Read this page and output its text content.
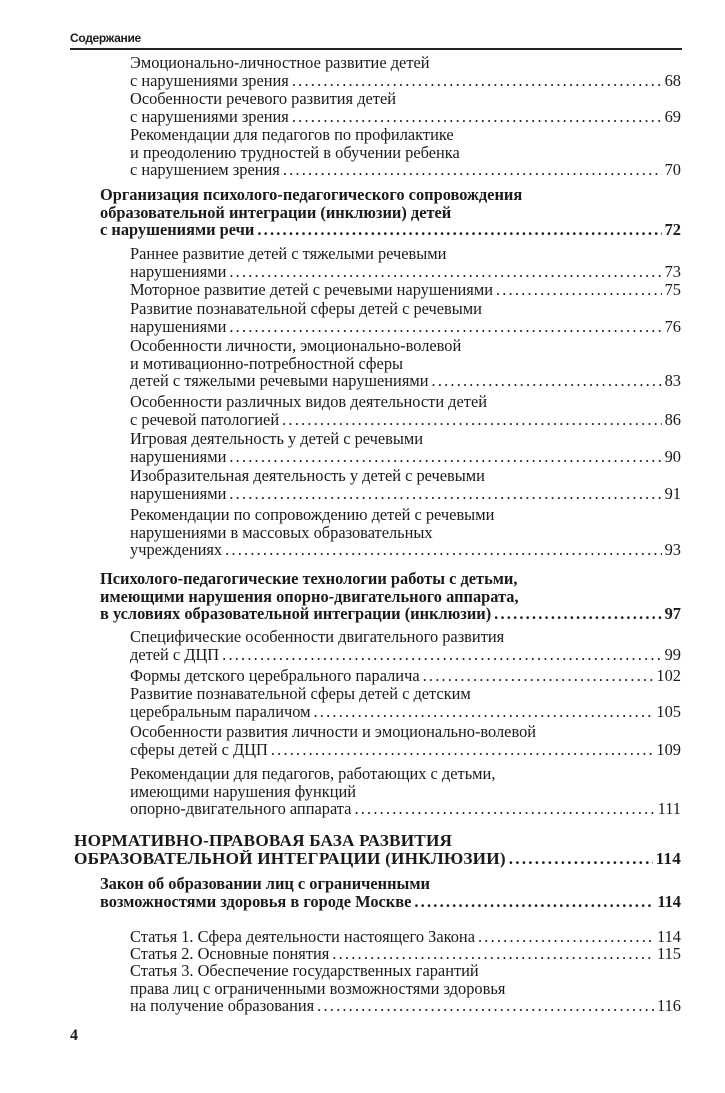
Содержание
Эмоционально-личностное развитие детей
с нарушениями зрения .....	68
Особенности речевого развития детей
с нарушениями зрения .....	69
Рекомендации для педагогов по профилактике
и преодолению трудностей в обучении ребенка
с нарушением зрения .....	70
Организация психолого-педагогического сопровождения
образовательной интеграции (инклюзии) детей
с нарушениями речи .....	72
Раннее развитие детей с тяжелыми речевыми
нарушениями .....	73
Моторное развитие детей с речевыми нарушениями .....	75
Развитие познавательной сферы детей с речевыми
нарушениями .....	76
Особенности личности, эмоционально-волевой
и мотивационно-потребностной сферы
детей с тяжелыми речевыми нарушениями .....	83
Особенности различных видов деятельности детей
с речевой патологией .....	86
Игровая деятельность у детей с речевыми
нарушениями .....	90
Изобразительная деятельность у детей с речевыми
нарушениями .....	91
Рекомендации по сопровождению детей с речевыми
нарушениями в массовых образовательных
учреждениях .....	93
Психолого-педагогические технологии работы с детьми,
имеющими нарушения опорно-двигательного аппарата,
в условиях образовательной интеграции (инклюзии) .....	97
Специфические особенности двигательного развития
детей с ДЦП .....	99
Формы детского церебрального паралича .....	102
Развитие познавательной сферы детей с детским
церебральным параличом .....	105
Особенности развития личности и эмоционально-волевой
сферы детей с ДЦП .....	109
Рекомендации для педагогов, работающих с детьми,
имеющими нарушения функций
опорно-двигательного аппарата .....	111
НОРМАТИВНО-ПРАВОВАЯ БАЗА РАЗВИТИЯ
ОБРАЗОВАТЕЛЬНОЙ ИНТЕГРАЦИИ (ИНКЛЮЗИИ) .....	114
Закон об образовании лиц с ограниченными
возможностями здоровья в городе Москве .....	114
Статья 1. Сфера деятельности настоящего Закона .....	114
Статья 2. Основные понятия .....	115
Статья 3. Обеспечение государственных гарантий
права лиц с ограниченными возможностями здоровья
на получение образования .....	116
4
